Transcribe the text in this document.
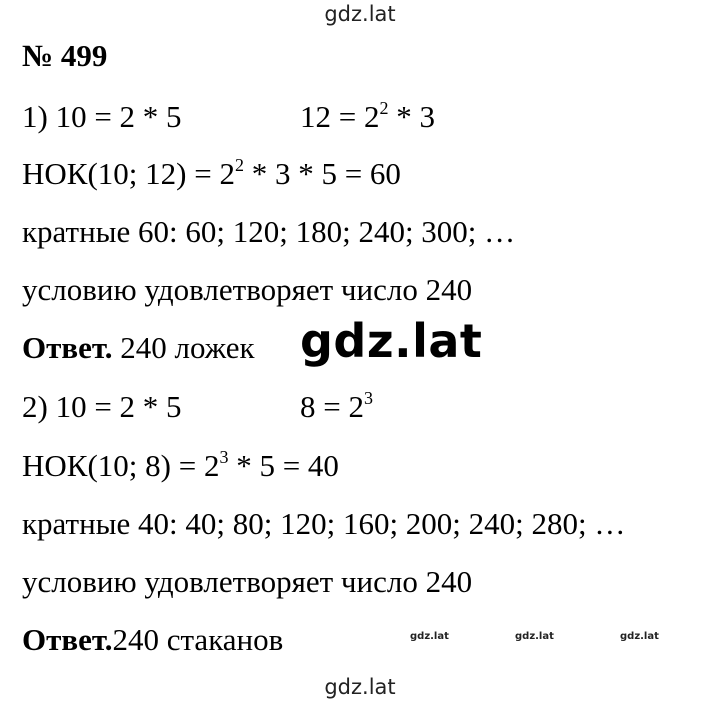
gdz.lat
№ 499
1) 10 = 2 * 5	$12 = 2^2 * 3$
НОК(10; $12) = 2^2 * 3 * 5 = 60$
кратные 60: 60; 120; 180; 240; 300; …
условию удовлетворяет число 240
Ответ. 240 ложек gdz.lat
2) 10 = 2 * 5	$8 = 2^3$
НОК(10; $8) = 2^3 * 5 = 40$
кратные 40: 40; 80; 120; 160; 200; 240; 280; …
условию удовлетворяет число 240
Ответ.240 стаканов	gdz.lat	gdz.lat	gdz.lat
gdz.lat
